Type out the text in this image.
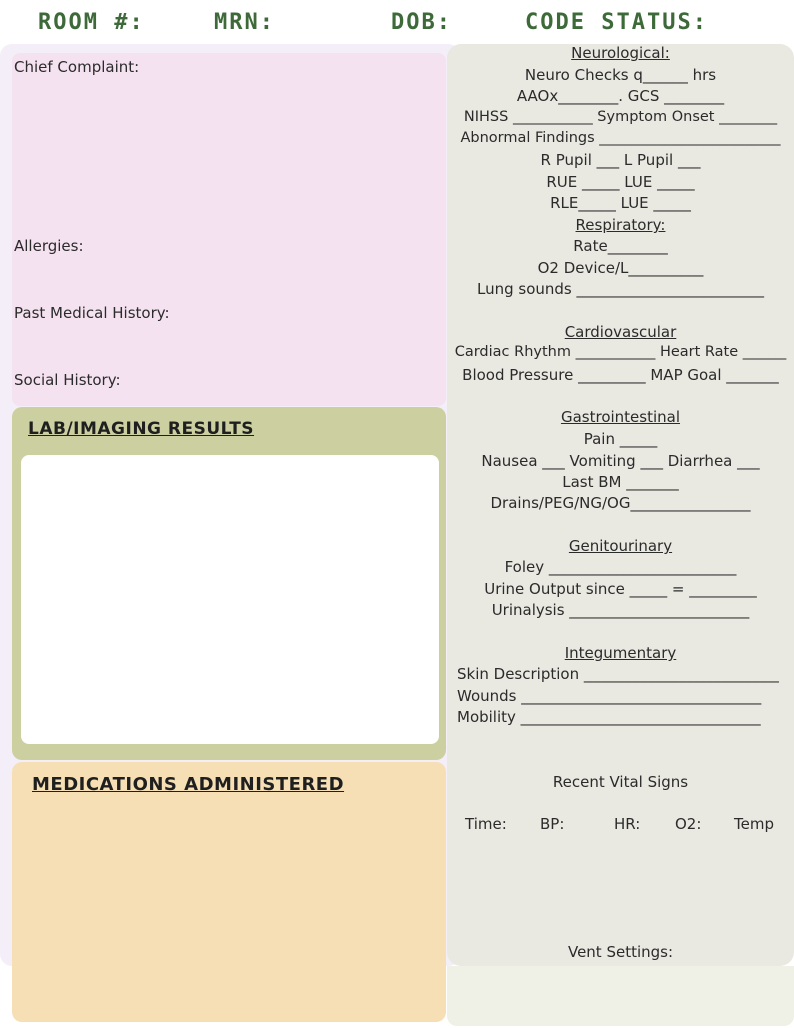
ROOM #:	MRN:	DOB:	CODE STATUS:
Chief Complaint:
Allergies:
Past Medical History:
Social History:
LAB/IMAGING RESULTS
MEDICATIONS ADMINISTERED
Neurological:
Neuro Checks q______ hrs
AAOx________. GCS ________
NIHSS ___________ Symptom Onset ________
Abnormal Findings _________________________
R Pupil ___ L Pupil ___
RUE _____ LUE _____
RLE_____ LUE _____
Respiratory:
Rate________
O2 Device/L__________
Lung sounds _________________________
Cardiovascular
Cardiac Rhythm ___________ Heart Rate ______
Blood Pressure _________ MAP Goal _______
Gastrointestinal
Pain _____
Nausea ___ Vomiting ___ Diarrhea ___
Last BM _______
Drains/PEG/NG/OG________________
Genitourinary
Foley _________________________
Urine Output since _____ = _________
Urinalysis ________________________
Integumentary
Skin Description __________________________
Wounds ________________________________
Mobility ________________________________
Recent Vital Signs
Time: BP:	HR: O2: Temp
Vent Settings:
